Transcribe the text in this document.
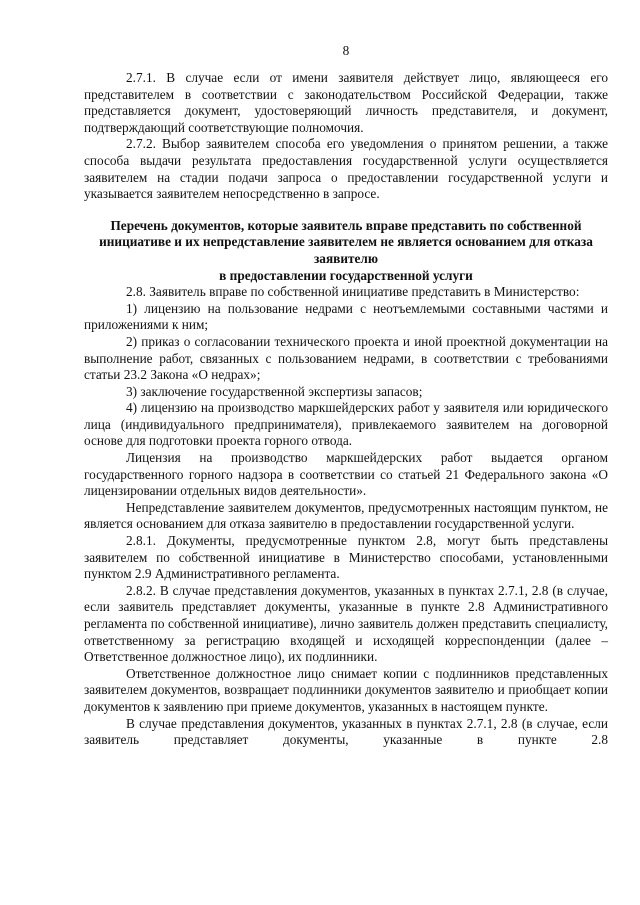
8

2.7.1. В случае если от имени заявителя действует лицо, являющееся его представителем в соответствии с законодательством Российской Федерации, также представляется документ, удостоверяющий личность представителя, и документ, подтверждающий соответствующие полномочия.

2.7.2. Выбор заявителем способа его уведомления о принятом решении, а также способа выдачи результата предоставления государственной услуги осуществляется заявителем на стадии подачи запроса о предоставлении государственной услуги и указывается заявителем непосредственно в запросе.

Перечень документов, которые заявитель вправе представить по собственной инициативе и их непредставление заявителем не является основанием для отказа заявителю
в предоставлении государственной услуги

2.8. Заявитель вправе по собственной инициативе представить в Министерство:

1) лицензию на пользование недрами с неотъемлемыми составными частями и приложениями к ним;

2) приказ о согласовании технического проекта и иной проектной документации на выполнение работ, связанных с пользованием недрами, в соответствии с требованиями статьи 23.2 Закона «О недрах»;

3) заключение государственной экспертизы запасов;

4) лицензию на производство маркшейдерских работ у заявителя или юридического лица (индивидуального предпринимателя), привлекаемого заявителем на договорной основе для подготовки проекта горного отвода.

Лицензия на производство маркшейдерских работ выдается органом государственного горного надзора в соответствии со статьей 21 Федерального закона «О лицензировании отдельных видов деятельности».

Непредставление заявителем документов, предусмотренных настоящим пунктом, не является основанием для отказа заявителю в предоставлении государственной услуги.

2.8.1. Документы, предусмотренные пунктом 2.8, могут быть представлены заявителем по собственной инициативе в Министерство способами, установленными пунктом 2.9 Административного регламента.

2.8.2. В случае представления документов, указанных в пунктах 2.7.1, 2.8 (в случае, если заявитель представляет документы, указанные в пункте 2.8 Административного регламента по собственной инициативе), лично заявитель должен представить специалисту, ответственному за регистрацию входящей и исходящей корреспонденции (далее – Ответственное должностное лицо), их подлинники.

Ответственное должностное лицо снимает копии с подлинников представленных заявителем документов, возвращает подлинники документов заявителю и приобщает копии документов к заявлению при приеме документов, указанных в настоящем пункте.

В случае представления документов, указанных в пунктах 2.7.1, 2.8 (в случае, если заявитель представляет документы, указанные в пункте 2.8
